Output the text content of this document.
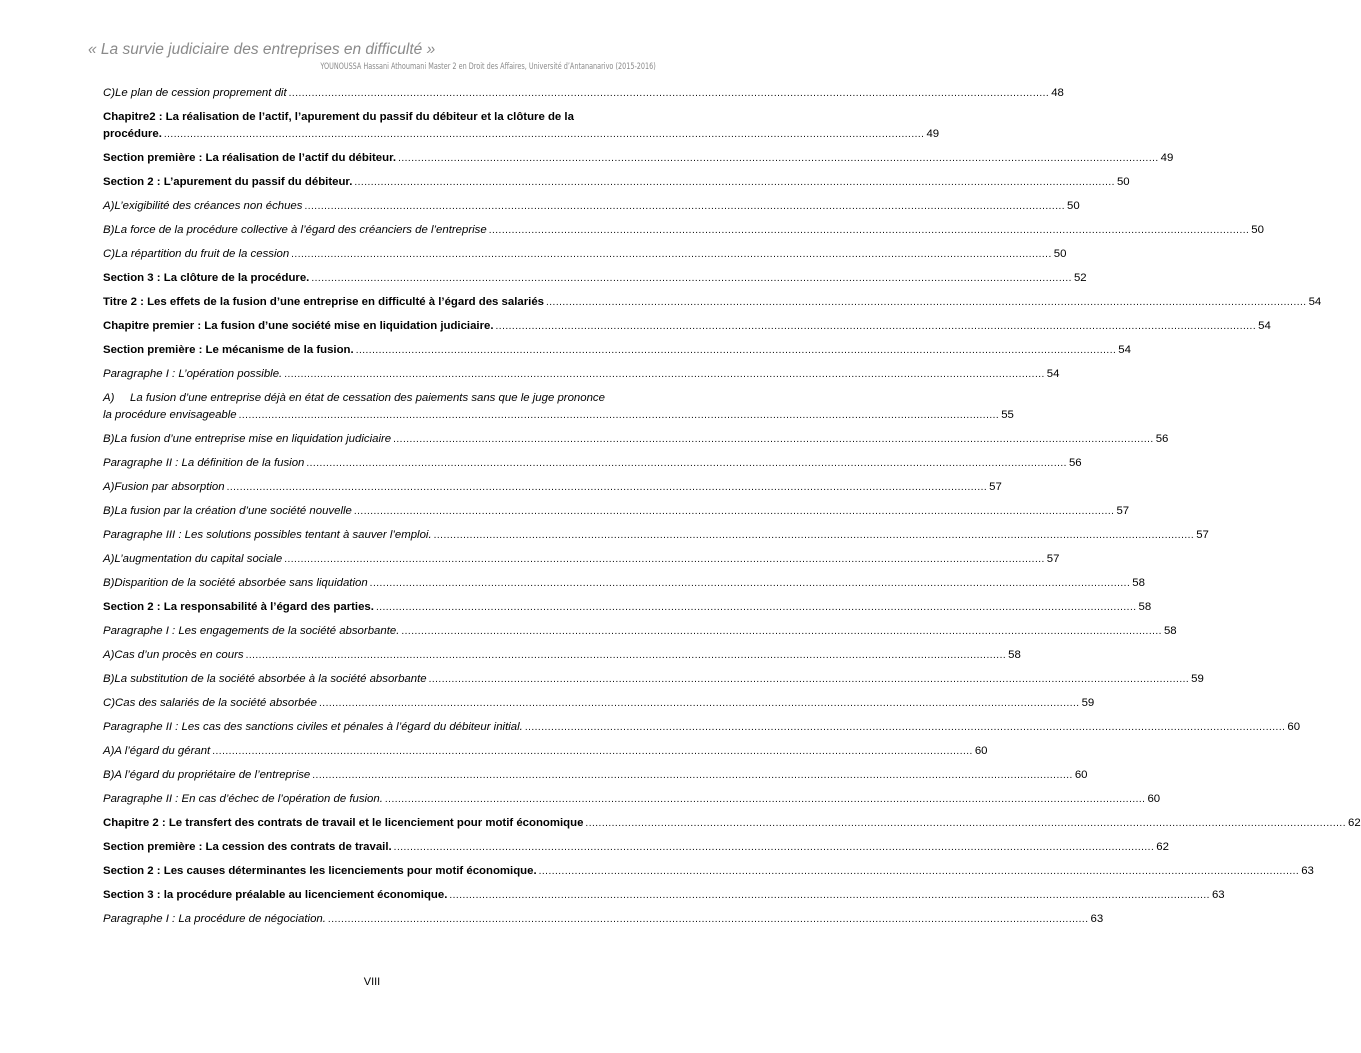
« La survie judiciaire des entreprises en difficulté »
YOUNOUSSA Hassani Athoumani Master 2 en Droit des Affaires, Université d’Antananarivo (2015-2016)
C) Le plan de cession proprement dit ........................................................................................................................................................................................................................................ 48
Chapitre2 : La réalisation de l’actif, l’apurement du passif du débiteur et la clôture de la
procédure. ........................................................................................................................................................................................................................................ 49
Section première : La réalisation de l’actif du débiteur. ........................................................................................................................................................................................................................................ 49
Section 2 : L’apurement du passif du débiteur. ........................................................................................................................................................................................................................................ 50
A) L’exigibilité des créances non échues ........................................................................................................................................................................................................................................ 50
B) La force de la procédure collective à l’égard des créanciers de l’entreprise ........................................................................................................................................................................................................................................ 50
C) La répartition du fruit de la cession ........................................................................................................................................................................................................................................ 50
Section 3 : La clôture de la procédure. ........................................................................................................................................................................................................................................ 52
Titre 2 : Les effets de la fusion d’une entreprise en difficulté à l’égard des salariés ........................................................................................................................................................................................................................................ 54
Chapitre premier : La fusion d’une société mise en liquidation judiciaire. ........................................................................................................................................................................................................................................ 54
Section première : Le mécanisme de la fusion. ........................................................................................................................................................................................................................................ 54
Paragraphe I : L’opération possible. ........................................................................................................................................................................................................................................ 54
A) La fusion d’une entreprise déjà en état de cessation des paiements sans que le juge prononce
la procédure envisageable ........................................................................................................................................................................................................................................ 55
B) La fusion d’une entreprise mise en liquidation judiciaire ........................................................................................................................................................................................................................................ 56
Paragraphe II : La définition de la fusion ........................................................................................................................................................................................................................................ 56
A) Fusion par absorption ........................................................................................................................................................................................................................................ 57
B) La fusion par la création d’une société nouvelle ........................................................................................................................................................................................................................................ 57
Paragraphe III : Les solutions possibles tentant à sauver l’emploi. ........................................................................................................................................................................................................................................ 57
A) L’augmentation du capital sociale ........................................................................................................................................................................................................................................ 57
B) Disparition de la société absorbée sans liquidation ........................................................................................................................................................................................................................................ 58
Section 2 : La responsabilité à l’égard des parties. ........................................................................................................................................................................................................................................ 58
Paragraphe I : Les engagements de la société absorbante. ........................................................................................................................................................................................................................................ 58
A) Cas d’un procès en cours ........................................................................................................................................................................................................................................ 58
B) La substitution de la société absorbée à la société absorbante ........................................................................................................................................................................................................................................ 59
C) Cas des salariés de la société absorbée ........................................................................................................................................................................................................................................ 59
Paragraphe II : Les cas des sanctions civiles et pénales à l’égard du débiteur initial. ........................................................................................................................................................................................................................................ 60
A) A l’égard du gérant ........................................................................................................................................................................................................................................ 60
B) A l’égard du propriétaire de l’entreprise ........................................................................................................................................................................................................................................ 60
Paragraphe II : En cas d’échec de l’opération de fusion. ........................................................................................................................................................................................................................................ 60
Chapitre 2 : Le transfert des contrats de travail et le licenciement pour motif économique ........................................................................................................................................................................................................................................ 62
Section première : La cession des contrats de travail. ........................................................................................................................................................................................................................................ 62
Section 2 : Les causes déterminantes les licenciements pour motif économique. ........................................................................................................................................................................................................................................ 63
Section 3 : la procédure préalable au licenciement économique. ........................................................................................................................................................................................................................................ 63
Paragraphe I : La procédure de négociation. ........................................................................................................................................................................................................................................ 63
VIII
